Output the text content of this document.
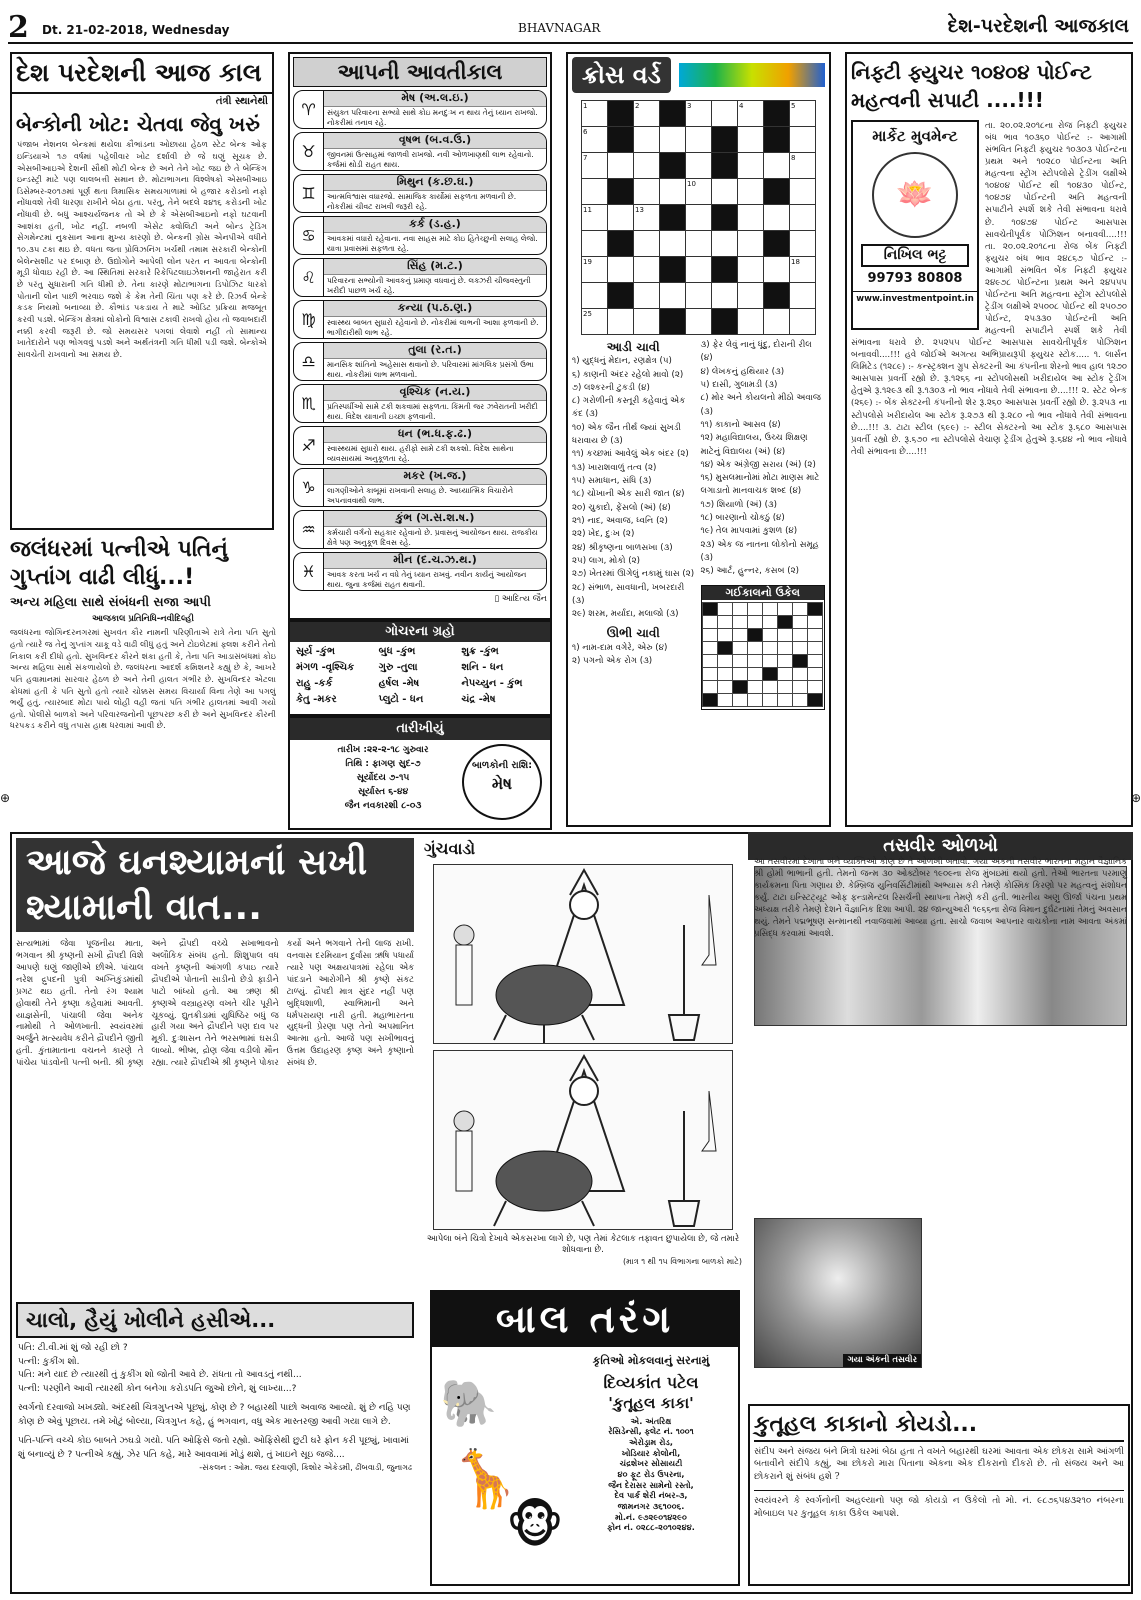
2 Dt. 21-02-2018, Wednesday	BHAVNAGAR	દેશ-પરદેશની આજકાલ
દેશ પરદેશની આજ કાલ
તંત્રી સ્થાનેથી
બેન્કોની ખોટ: ચેતવા જેવુ ખરું
પંજાબ નેશનલ બેન્કમાં થયેલા કૌભાંડના ઓછાયા હેઠળ સ્ટેટ બેન્ક ઓફ ઇન્ડિયાએ ૧૭ વર્ષમાં પહેલીવાર ખોટ દર્શાવી છે જે ઘણું સૂચક છે. એસબીઆઇએ દેશની સૌથી મોટી બેન્ક છે અને તેને ખોટ જઇ છે તે બેન્કિંગ ઇન્ડસ્ટ્રી માટે પણ લાલબત્તી સમાન છે. મોટાભાગના વિશ્લેષકો એસબીઆઇ ડિસેમ્બર-૨૦૧૭માં પૂર્ણ થતા ત્રિમાસિક સમયગાળામાં બે હજાર કરોડનો નફો નોંધાવશે તેવી ધારણા રાખીને બેઠા હતા. પરંતુ, તેને બદલે ૨૪૧૬ કરોડની ખોટ નોંધાવી છે. બધું આશ્ચર્યજનક તો એ છે કે એસબીઆઇનો નફો ઘટવાની આશંકા હતી, ખોટ નહીં. નબળી એસેટ ક્વોલિટી અને બોન્ડ ટ્રેડિંગ સેગમેન્ટમાં નુકસાન આના મુખ્ય કારણો છે. બેન્કની ગ્રોસ એનપીએ વધીને ૧૦.૩૫ ટકા થઇ છે. વધતા જતા પ્રોવિઝનિંગ ખર્ચથી તમામ સરકારી બેન્કોની બેલેન્સશીટ પર દબાણ છે. ઉદ્યોગોને આપેલી લોન પરત ન આવતા બેન્કોની મૂડી ધોવાઇ રહી છે. આ સ્થિતિમાં સરકારે રિકેપિટલાઇઝેશનની જાહેરાત કરી છે પરંતુ સુધારાની ગતિ ધીમી છે. તેના કારણે મોટાભાગના ડિપોઝિટ ધારકો પોતાની લોન પાછી ભરવાઇ જશે કે કેમ તેની ચિંતા પણ કરે છે. રિઝર્વ બેન્કે કડક નિયમો બનાવ્યા છે. કૌભાંડ પકડાય તે માટે ઓડિટ પ્રક્રિયા મજબૂત કરવી પડશે. બેન્કિંગ ક્ષેત્રમાં લોકોનો વિશ્વાસ ટકાવી રાખવો હોય તો જવાબદારી નક્કી કરવી જરૂરી છે. જો સમયસર પગલાં લેવાશે નહીં તો સામાન્ય ખાતેદારોને પણ ભોગવવું પડશે અને અર્થતંત્રની ગતિ ધીમી પડી જશે. બેન્કોએ સાવચેતી રાખવાનો આ સમય છે.
જલંધરમાં પત્નીએ પતિનું ગુપ્તાંગ વાઢી લીધું...!
અન્ય મહિલા સાથે સંબંધની સજા આપી
આજકાલ પ્રતિનિધિ-નવીદિલ્હી
જલંધરના જોગિન્દરનગરમાં સુખવંત કૌર નામની પરિણીતાએ રાત્રે તેના પતિ સુતો હતો ત્યારે જ તેનું ગુપ્તાંગ ચાકૂ વડે વાઢી લીધું હતું અને ટોઇલેટમાં ફ્લશ કરીને તેનો નિકાલ કરી દીધો હતો. સુખવિન્દર કૌરને શંકા હતી કે, તેના પતિ આડાસંબંધમાં કોઇ અન્ય મહિલા સાથે સંકળાયેલો છે. જલંધરના આદર્શ કમિશનરે કહ્યું છે કે, આખરે પતિ હવામાનમાં સારવાર હેઠળ છે અને તેની હાલત ગંભીર છે. સુખવિન્દર એટલા ક્રોધમાં હતી કે પતિ સુતો હતો ત્યારે ચોક્કસ સમય વિચાર્યા વિના તેણે આ પગલું ભર્યું હતું. ત્યારબાદ મોટા પાયે લોહી વહી જતાં પતિ ગંભીર હાલતમાં આવી ગયો હતો. પોલીસે બાળકો અને પરિવારજનોની પૂછપરછ કરી છે અને સુખવિન્દર કૌરની ધરપકડ કરીને વધુ તપાસ હાથ ધરવામાં આવી છે.
આપની આવતીકાલ
♈
મેષ (અ.લ.ઇ.)
સંયુક્ત પરિવારના સભ્યો સાથે કોઇ મનદુઃખ ન થાય તેનું ધ્યાન રાખજો. નોકરીમાં તનાવ રહે.
♉
વૃષભ (બ.વ.ઉ.)
જીવનમાં ઉત્સાહમાં જાળવી રાખજો. નવી ઓળખાણથી લાભ રહેવાનો. કર્જમાં થોડી રાહત થાય.
♊
મિથુન (ક.છ.ઘ.)
આત્મવિશ્વાસ વધારજો. સામાજિક કાર્યોમાં સફળતા મળવાની છે. નોકરીમાં ચીવટ રાખવી જરૂરી રહે.
♋
કર્ક (ડ.હ.)
આવકમાં વધારો રહેવાના. નવા સાહસ માટે કોઇ હિતેચ્છુની સલાહ લેજો. યાત્રા પ્રવાસમાં સફળતા રહે.
♌
સિંહ (મ.ટ.)
પરિવારના સભ્યોની આવકનું પ્રમાણ વધવાનું છે. લક્ઝરી ચીજવસ્તુની ખરીદી પાછળ ખર્ચ રહે.
♍
કન્યા (પ.ઠ.ણ.)
સ્વાસ્થ્ય બાબત સુધારો રહેવાનો છે. નોકરીમાં લાભની આશા ફળવાની છે. ભાગીદારીથી લાભ રહે.
♎
તુલા (ર.ત.)
માનસિક શાંતિનો અહેસાસ થવાનો છે. પરિવારમાં માંગલિક પ્રસંગો ઉભા થાય. નોકરીમાં લાભ મળવાનો.
♏
વૃશ્ચિક (ન.ય.)
પ્રતિસ્પર્ધીઓ સામે ટકી શકવામાં સફળતા. કિંમતી જર ઝવેરાતની ખરીદી થાય. વિદેશ યાત્રાની ઇચ્છા ફળવાની.
♐
ધન (ભ.ધ.ફ.ઢ.)
સ્વાસ્થ્યમાં સુધારો થાય. હરીફો સામે ટકી શકશો. વિદેશ સાથેના વ્યવસાયમાં અનુકૂળતા રહે.
♑
મકર (ખ.જ.)
લાગણીઓને કાબૂમાં રાખવાની સલાહ છે. આધ્યાત્મિક વિચારોને અપનાવવાથી લાભ.
♒
કુંભ (ગ.સ.શ.ષ.)
કર્મચારી વર્ગનો સહકાર રહેવાનો છે. પ્રવાસનું આયોજન થાય. રાજકીય ક્ષેત્રે પણ અનુકૂળ દિવસ રહે.
♓
મીન (દ.ચ.ઝ.થ.)
આવક કરતા ખર્ચ ન વધે તેનું ધ્યાન રાખવું. નવીન કાર્યનું આયોજન થાય. જુના કર્જમાં રાહત થવાની.
▯ આદિત્ય જૈન
ગોચરના ગ્રહો
સૂર્ય -કુંભ	બુધ -કુંભ	શુક્ર -કુંભ
મંગળ -વૃશ્ચિક	ગુરુ -તુલા	શનિ - ધન
રાહુ -કર્ક	હર્ષલ -મેષ	નેપચ્યુન - કુંભ
કેતુ -મકર	પ્લુટો - ધન	ચંદ્ર -મેષ
તારીખીયું
તારીખ :૨૨-૨-૧૮ ગુરુવાર
તિથિ : ફાગણ સુદ-૭
સૂર્યોદય ૭-૧૫
સૂર્યાસ્ત ૬-૪૪
જૈન નવકારશી ૮-૦૩
બાળકોની રાશિ:
મેષ
ક્રોસ વર્ડ
1		2		3		4		5
6								
7								8
				10				
11		13						

19								18

25								
આડી ચાવી
૧) યુદ્ધનું મેદાન, રણક્ષેત્ર (૫)
૬) કાણની અંદર રહેલો માવો (૨)
૭) લશ્કરની ટુકડી (૪)
૮) ગરોળીની કસ્તૂરી કહેવાતું એક કંદ (૩)
૧૦) એક જૈન તીર્થ જ્યાં સુખડી ધરાવાય છે (૩)
૧૧) કચ્છમાં આવેલું એક બંદર (૨)
૧૩) ખારાશવાળું તત્વ (૨)
૧૫) સમાધાન, સંધિ (૩)
૧૮) ચોખાની એક સારી જાત (૪)
૨૦) ચુકાદો, ફેંસલો (અં) (૪)
૨૧) નાદ, અવાજ, ધ્વનિ (૨)
૨૨) ખેદ, દુઃખ (૨)
૨૪) શ્રીકૃષ્ણના બાળસખા (૩)
૨૫) લાગ, મોકો (૨)
૨૭) ખેતરમાં ઊગેલું નકામું ઘાસ (૨)
૨૮) સંભાળ, સાવધાની, ખબરદારી (૩)
૨૯) શરમ, મર્યાદા, મલાજો (૩)
ઊભી ચાવી
૧) નામ-દામ વગેરે, એરુ (૪)
૨) પગનો એક રોગ (૩)
૩) ફેર લેવું નાનું ધૂંદુ, દોરાની રીલ (૪)
૪) લેખકનું હથિયાર (૩)
૫) દાસી, ગુલામડી (૩)
૮) મોર અને કોયલનો મીઠો અવાજ (૩)
૧૧) કાકાનો આસવ (૪)
૧૨) મહાવિદ્યાલય, ઉચ્ચ શિક્ષણ માટેનું વિદ્યાલય (અં) (૪)
૧૪) એક અંગ્રેજી સરાય (અં) (૨)
૧૬) મુસલમાનોમાં મોટા માણસ માટે લગાડાતો માનવાચક શબ્દ (૪)
૧૭) શિયાળો (અં) (૩)
૧૮) બારણાનો ચોકઠું (૪)
૧૯) તેલ માપવામાં કુશળ (૪)
૨૩) એક જ નાતના લોકોનો સમૂહ (૩)
૨૬) આર્ટ, હુન્નર, કસબ (૨)
ગઈકાલનો ઉકેલ

નિફ્ટી ફ્યુચર ૧૦૪૦૪ પોઈન્ટ મહત્વની સપાટી ....!!!
માર્કેટ મુવમેન્ટ
🪷
નિખિલ ભટ્ટ
99793 80808
www.investmentpoint.in
તા. ૨૦.૦૨.૨૦૧૮ના રોજ નિફ્ટી ફ્યુચર બંધ ભાવ ૧૦૩૬૦ પોઈન્ટ :- આગામી સંભવિત નિફ્ટી ફ્યુચર ૧૦૩૦૩ પોઈન્ટના પ્રથમ અને ૧૦૨૮૦ પોઈન્ટના અતિ મહત્વના સ્ટ્રોંગ સ્ટોપલોસે ટ્રેડીંગ લક્ષીએ ૧૦૪૦૪ પોઈન્ટ થી ૧૦૪૩૦ પોઈન્ટ, ૧૦૪૭૪ પોઈન્ટની અતિ મહત્વની સપાટીને સ્પર્શે શકે તેવી સંભાવના ધરાવે છે. ૧૦૪૭૪ પોઈન્ટ આસપાસ સાવચેતીપૂર્વક પોઝિશન બનાવવી....!!! તા. ૨૦.૦૨.૨૦૧૮ના રોજ બેંક નિફ્ટી ફ્યુચર બંધ ભાવ ૨૪૮૬૭ પોઈન્ટ :- આગામી સંભવિત બેંક નિફ્ટી ફ્યુચર ૨૪૯૭૮ પોઈન્ટના પ્રથમ અને ૨૪૫૫૫ પોઈન્ટના અતિ મહત્વના સ્ટ્રોંગ સ્ટોપલોસે ટ્રેડીંગ લક્ષીએ ૨૫૦૦૮ પોઈન્ટ થી ૨૫૦૭૦ પોઈન્ટ, ૨૫૩૩૦ પોઈન્ટની અતિ મહત્વની સપાટીને સ્પર્શે શકે તેવી સંભાવના ધરાવે છે. ૨૫૨૫૫ પોઈન્ટ આસપાસ સાવચેતીપૂર્વક પોઝિશન બનાવવી....!!! હવે જોઈએ અગત્ય અભિપ્રાયરૂપી ફ્યુચર સ્ટોક..... ૧. લાર્સન લિમિટેડ (૧૨૮૯) :- કન્સ્ટ્રક્શન ગ્રુપ સેક્ટરની આ કંપનીના શેરનો ભાવ હાલ ૧૨૭૦ આસપાસ પ્રવર્તી રહ્યો છે. રૂ.૧૨૬૬ ના સ્ટોપલોસથી ખરીદાયેલ આ સ્ટોક ટ્રેડીંગ હેતુએ રૂ.૧૨૯૩ થી રૂ.૧૩૦૩ નો ભાવ નોંધાવે તેવી સંભાવના છે....!!! ૨. સ્ટેટ બેન્ક (૨૬૯) :- બેંક સેક્ટરની કંપનીનો શેર રૂ.૨૬૦ આસપાસ પ્રવર્તી રહ્યો છે. રૂ.૨૫૩ ના સ્ટોપલોસે ખરીદાયેલ આ સ્ટોક રૂ.૨૭૩ થી રૂ.૨૮૦ નો ભાવ નોંધાવે તેવી સંભાવના છે....!!! ૩. ટાટા સ્ટીલ (૬૯૯) :- સ્ટીલ સેક્ટરનો આ સ્ટોક રૂ.૬૮૦ આસપાસ પ્રવર્તી રહ્યો છે. રૂ.૬૭૦ ના સ્ટોપલોસે વેચાણ ટ્રેડીંગ હેતુએ રૂ.૬૪૪ નો ભાવ નોંધાવે તેવી સંભાવના છે....!!!
⊕	⊕
આજે ઘનશ્યામનાં સખી શ્યામાની વાત...
સત્યભામાં જેવા પૂજનીય માતા, ભગવાન શ્રી કૃષ્ણની સખી દ્રૌપદી વિશે આપણે ઘણું જાણીએ છીએ. પાંચાલ નરેશ દ્રુપદની પુત્રી અગ્નિકુંડમાંથી પ્રગટ થઇ હતી. તેનો રંગ શ્યામ હોવાથી તેને કૃષ્ણા કહેવામાં આવતી. યાજ્ઞસેની, પાંચાલી જેવા અનેક નામોથી તે ઓળખાતી. સ્વયંવરમાં અર્જુને મત્સ્યવેધ કરીને દ્રૌપદીને જીતી હતી. કુંતામાતાના વચનને કારણે તે પાંચેય પાંડવોની પત્ની બની. શ્રી કૃષ્ણ અને દ્રૌપદી વચ્ચે સખાભાવનો અલૌકિક સંબંધ હતો. શિશુપાલ વધ વખતે કૃષ્ણની આંગળી કપાઇ ત્યારે દ્રૌપદીએ પોતાની સાડીનો છેડો ફાડીને પાટો બાંધ્યો હતો. આ ઋણ શ્રી કૃષ્ણએ વસ્ત્રાહરણ વખતે ચીર પૂરીને ચૂકવ્યું. દ્યુતક્રીડામાં યુધિષ્ઠિર બધું જ હારી ગયા અને દ્રૌપદીને પણ દાવ પર મૂકી. દુઃશાસન તેને ભરસભામાં ઘસડી લાવ્યો. ભીષ્મ, દ્રોણ જેવા વડીલો મૌન રહ્યા. ત્યારે દ્રૌપદીએ શ્રી કૃષ્ણને પોકાર કર્યો અને ભગવાને તેની લાજ રાખી. વનવાસ દરમિયાન દુર્વાસા ઋષિ પધાર્યા ત્યારે પણ અક્ષયપાત્રમાં રહેલા એક પાંદડાને આરોગીને શ્રી કૃષ્ણે સંકટ ટાળ્યું. દ્રૌપદી માત્ર સુંદર નહીં પણ બુદ્ધિશાળી, સ્વાભિમાની અને ધર્મપરાયણ નારી હતી. મહાભારતના યુદ્ધની પ્રેરણા પણ તેનો અપમાનિત આત્મા હતો. આજે પણ સખીભાવનું ઉત્તમ ઉદાહરણ કૃષ્ણ અને કૃષ્ણાનો સંબંધ છે.
ચાલો, હૈયું ખોલીને હસીએ...
પતિ: ટી.વી.માં શું જો રહી છો ?
પત્ની: કુકીંગ શો.
પતિ: મને યાદ છે ત્યારથી તું કુકીંગ શો જોતી આવે છે. રાંધતા તો આવડતું નથી...
પત્ની: પરણીને આવી ત્યારથી કોન બનેગા કરોડપતિ જુઓ છોને, શું લાખ્યા...?
સ્વર્ગનો દરવાજો ખખડ્યો. અંદરથી ચિત્રગુપ્તએ પૂછ્યું, કોણ છે ? બહારથી પાછો અવાજ આવ્યો. શું છે નહિ પણ કોણ છે એવું પૂછાય. તમે ખોટું બોલ્યા, ચિત્રગુપ્ત કહે, હું ભગવાન, વધુ એક માસ્તરજી આવી ગયા લાગે છે.
પતિ-પત્નિ વચ્ચે કોઇ બાબતે ઝઘડો ગયો. પતિ ઓફિસે જતો રહ્યો. ઓફિસેથી છુટી ઘરે ફોન કરી પૂછ્યું, ખાવામાં શું બનાવ્યું છે ? પત્નીએ કહ્યું, ઝેર પતિ કહે, મારે આવવામાં મોડું થશે, તું ખાઇને સૂઇ જજે....
-સંકલન : ઓમ. જય દરવાણી, કિશોર એકેડમી, ઢીંબવાડી, જુનાગઢ
ગુંચવાડો
આપેલા બંને ચિત્રો દેખાવે એકસરખા લાગે છે, પણ તેમાં કેટલાક તફાવત છુપાયેલા છે, જે તમારે શોધવાના છે.
(માત્ર ૧ થી ૧૫ વિભાગના બાળકો માટે)
બાલ તરંગ
🐘
🦒
🐵
કૃતિઓ મોકલવાનું સરનામું
દિવ્યકાંત પટેલ
'કુતૂહલ કાકા'
એ. અંતરિક્ષ
રેસિડેન્સી, ફ્લેટ નં. ૧૦૦૧
એરોડ્રામ રોડ,
ખોડિયાર કોલોની,
ચંદ્રશેખર સોસાયટી
૪૦ ફૂટ રોડ ઉપરના,
જૈન દેરાસર સામેનો રસ્તો,
દેવ પાર્ક શેરી નંબર-૩,
જામનગર ૩૬૧૦૦૬.
મો.નં. ૯૭૨૯૦૧૪૨૯૦
ફોન નં. ૦૨૮૮-૨૦૧૦૨૪૪.
તસવીર ઓળખો
ગયા અંકની તસવીર
આ તસવીરમાં દેખાતા બંને વ્યક્તિઓ કોણ છે તે ઓળખી બતાવો. ગયા અંકની તસવીર ભારતના મહાન વૈજ્ઞાનિક શ્રી હોમી ભાભાની હતી. તેમનો જન્મ ૩૦ ઓક્ટોબર ૧૯૦૯ના રોજ મુંબઇમાં થયો હતો. તેઓ ભારતના પરમાણુ કાર્યક્રમના પિતા ગણાય છે. કેમ્બ્રિજ યુનિવર્સિટીમાંથી અભ્યાસ કરી તેમણે કોસ્મિક કિરણો પર મહત્વનું સંશોધન કર્યું. ટાટા ઇન્સ્ટિટ્યૂટ ઓફ ફન્ડામેન્ટલ રિસર્ચની સ્થાપના તેમણે કરી હતી. ભારતીય અણુ ઊર્જા પંચના પ્રથમ અધ્યક્ષ તરીકે તેમણે દેશને વૈજ્ઞાનિક દિશા આપી. ૨૪ જાન્યુઆરી ૧૯૬૬ના રોજ વિમાન દુર્ઘટનામાં તેમનું અવસાન થયું. તેમને પદ્મભૂષણ સન્માનથી નવાજવામાં આવ્યા હતા. સાચો જવાબ આપનાર વાચકોના નામ આવતા અંકમાં પ્રસિદ્ધ કરવામાં આવશે.
કુતૂહલ કાકાનો કોયડો...
સંદીપ અને સંજય બંને મિત્રો ઘરમાં બેઠા હતા તે વખતે બહારથી ઘરમાં આવતા એક છોકરા સામે આંગળી બતાવીને સંદીપે કહ્યું, આ છોકરો મારા પિતાના એકના એક દીકરાનો દીકરો છે. તો સંજય અને આ છોકરાને શું સંબંધ હશે ?
સ્વયંવરને કે સ્વર્ગનોની અહલ્યાનો પણ જો કોયડો ન ઉકેલો તો મો. નં. ૯૮૭૬૫૪૩૨૧૦ નંબરના મોબાઇલ પર કુતૂહલ કાકા ઉકેલ આપશે.
